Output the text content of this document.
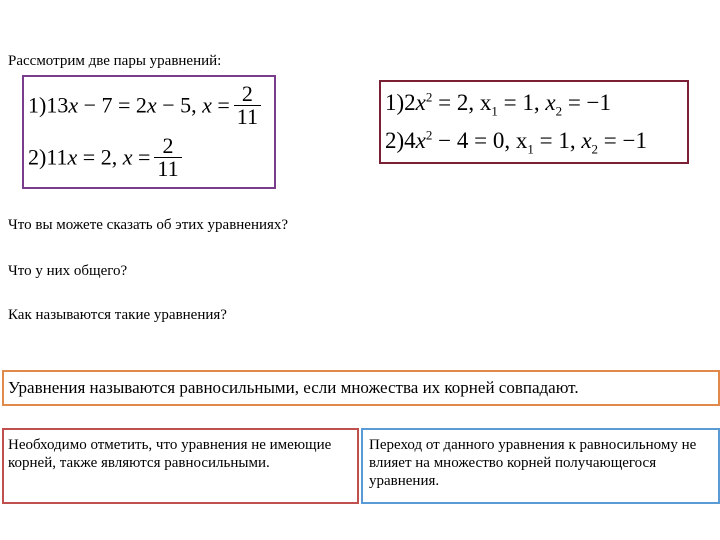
Рассмотрим две пары уравнений:
1)13x − 7 = 2x − 5, $x = \frac{2}{11}$
2)11x = 2, $x = \frac{2}{11}$
$1)2x^2 = 2$, $x_1 = 1$, $x_2 = -1$
$2)4x^2 - 4 = 0$, $x_1 = 1$, $x_2 = -1$
Что вы можете сказать об этих уравнениях?
Что у них общего?
Как называются такие уравнения?
Уравнения называются равносильными, если множества их корней совпадают.
Необходимо отметить, что уравнения не имеющие корней, также являются равносильными.
Переход от данного уравнения к равносильному не влияет на множество корней получающегося уравнения.
